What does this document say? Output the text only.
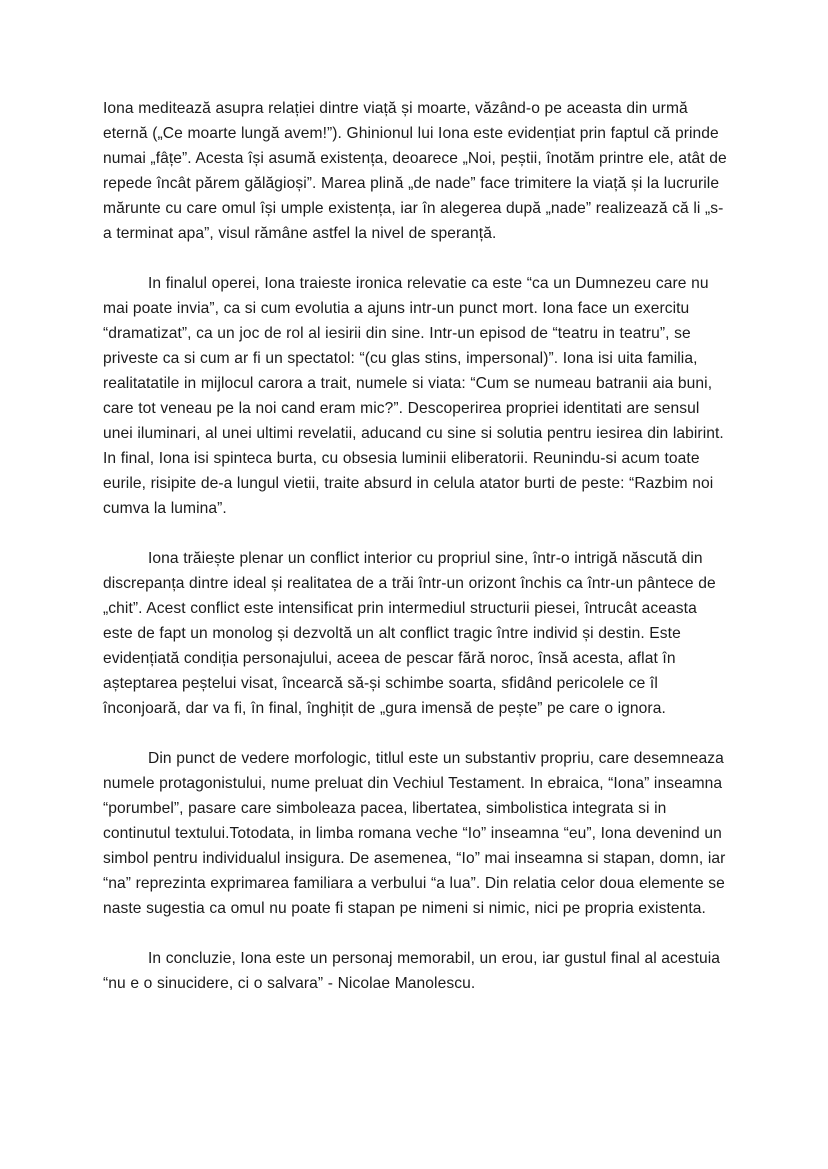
Iona meditează asupra relației dintre viață și moarte, văzând-o pe aceasta din urmă eternă („Ce moarte lungă avem!”). Ghinionul lui Iona este evidențiat prin faptul că prinde numai „fâțe”. Acesta își asumă existența, deoarece „Noi, peștii, înotăm printre ele, atât de repede încât părem gălăgioși”. Marea plină „de nade” face trimitere la viață și la lucrurile mărunte cu care omul își umple existența, iar în alegerea după „nade” realizează că li „s-a terminat apa”, visul rămâne astfel la nivel de speranță.

In finalul operei, Iona traieste ironica relevatie ca este “ca un Dumnezeu care nu mai poate invia”, ca si cum evolutia a ajuns intr-un punct mort. Iona face un exercitu “dramatizat”, ca un joc de rol al iesirii din sine. Intr-un episod de “teatru in teatru”, se priveste ca si cum ar fi un spectatol: “(cu glas stins, impersonal)”. Iona isi uita familia, realitatatile in mijlocul carora a trait, numele si viata: “Cum se numeau batranii aia buni, care tot veneau pe la noi cand eram mic?”. Descoperirea propriei identitati are sensul unei iluminari, al unei ultimi revelatii, aducand cu sine si solutia pentru iesirea din labirint. In final, Iona isi spinteca burta, cu obsesia luminii eliberatorii. Reunindu-si acum toate eurile, risipite de-a lungul vietii, traite absurd in celula atator burti de peste: “Razbim noi cumva la lumina”.

Iona trăiește plenar un conflict interior cu propriul sine, într-o intrigă născută din discrepanța dintre ideal și realitatea de a trăi într-un orizont închis ca într-un pântece de „chit”. Acest conflict este intensificat prin intermediul structurii piesei, întrucât aceasta este de fapt un monolog și dezvoltă un alt conflict tragic între individ și destin. Este evidențiată condiția personajului, aceea de pescar fără noroc, însă acesta, aflat în așteptarea peștelui visat, încearcă să-și schimbe soarta, sfidând pericolele ce îl înconjoară, dar va fi, în final, înghițit de „gura imensă de pește” pe care o ignora.

Din punct de vedere morfologic, titlul este un substantiv propriu, care desemneaza numele protagonistului, nume preluat din Vechiul Testament. In ebraica, “Iona” inseamna “porumbel”, pasare care simboleaza pacea, libertatea, simbolistica integrata si in continutul textului.Totodata, in limba romana veche “Io” inseamna “eu”, Iona devenind un simbol pentru individualul insigura. De asemenea, “Io” mai inseamna si stapan, domn, iar “na” reprezinta exprimarea familiara a verbului “a lua”. Din relatia celor doua elemente se naste sugestia ca omul nu poate fi stapan pe nimeni si nimic, nici pe propria existenta.

In concluzie, Iona este un personaj memorabil, un erou, iar gustul final al acestuia “nu e o sinucidere, ci o salvara” - Nicolae Manolescu.
